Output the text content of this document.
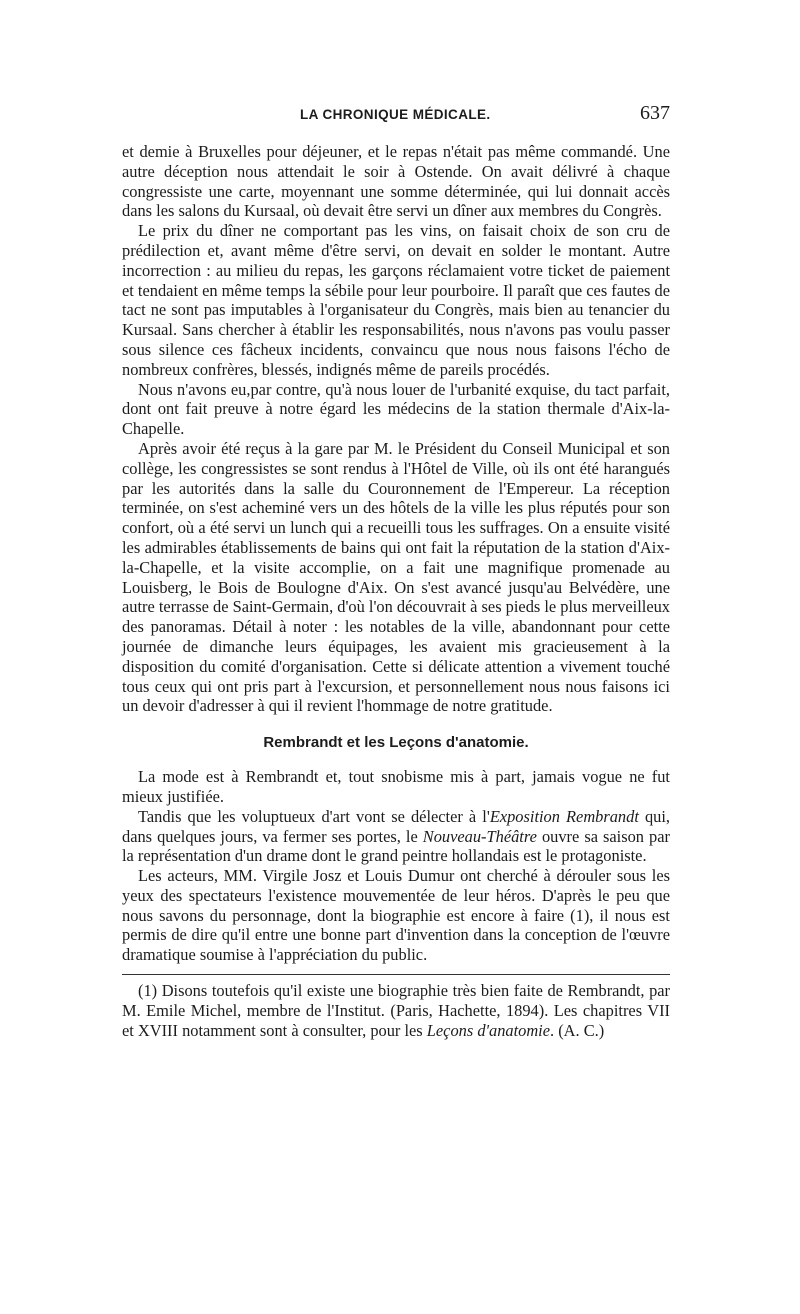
LA CHRONIQUE MÉDICALE.	637

et demie à Bruxelles pour déjeuner, et le repas n'était pas même commandé. Une autre déception nous attendait le soir à Ostende. On avait délivré à chaque congressiste une carte, moyennant une somme déterminée, qui lui donnait accès dans les salons du Kursaal, où devait être servi un dîner aux membres du Congrès.

Le prix du dîner ne comportant pas les vins, on faisait choix de son cru de prédilection et, avant même d'être servi, on devait en solder le montant. Autre incorrection : au milieu du repas, les garçons réclamaient votre ticket de paiement et tendaient en même temps la sébile pour leur pourboire. Il paraît que ces fautes de tact ne sont pas imputables à l'organisateur du Congrès, mais bien au tenancier du Kursaal. Sans chercher à établir les responsabilités, nous n'avons pas voulu passer sous silence ces fâcheux incidents, convaincu que nous nous faisons l'écho de nombreux confrères, blessés, indignés même de pareils procédés.

Nous n'avons eu,par contre, qu'à nous louer de l'urbanité exquise, du tact parfait, dont ont fait preuve à notre égard les médecins de la station thermale d'Aix-la-Chapelle.

Après avoir été reçus à la gare par M. le Président du Conseil Municipal et son collège, les congressistes se sont rendus à l'Hôtel de Ville, où ils ont été harangués par les autorités dans la salle du Couronnement de l'Empereur. La réception terminée, on s'est acheminé vers un des hôtels de la ville les plus réputés pour son confort, où a été servi un lunch qui a recueilli tous les suffrages. On a ensuite visité les admirables établissements de bains qui ont fait la réputation de la station d'Aix-la-Chapelle, et la visite accomplie, on a fait une magnifique promenade au Louisberg, le Bois de Boulogne d'Aix. On s'est avancé jusqu'au Belvédère, une autre terrasse de Saint-Germain, d'où l'on découvrait à ses pieds le plus merveilleux des panoramas. Détail à noter : les notables de la ville, abandonnant pour cette journée de dimanche leurs équipages, les avaient mis gracieusement à la disposition du comité d'organisation. Cette si délicate attention a vivement touché tous ceux qui ont pris part à l'excursion, et personnellement nous nous faisons ici un devoir d'adresser à qui il revient l'hommage de notre gratitude.

Rembrandt et les Leçons d'anatomie.

La mode est à Rembrandt et, tout snobisme mis à part, jamais vogue ne fut mieux justifiée.

Tandis que les voluptueux d'art vont se délecter à l'Exposition Rembrandt qui, dans quelques jours, va fermer ses portes, le Nouveau-Théâtre ouvre sa saison par la représentation d'un drame dont le grand peintre hollandais est le protagoniste.

Les acteurs, MM. Virgile Josz et Louis Dumur ont cherché à dérouler sous les yeux des spectateurs l'existence mouvementée de leur héros. D'après le peu que nous savons du personnage, dont la biographie est encore à faire (1), il nous est permis de dire qu'il entre une bonne part d'invention dans la conception de l'œuvre dramatique soumise à l'appréciation du public.

(1) Disons toutefois qu'il existe une biographie très bien faite de Rembrandt, par M. Emile Michel, membre de l'Institut. (Paris, Hachette, 1894). Les chapitres VII et XVIII notamment sont à consulter, pour les Leçons d'anatomie. (A. C.)
